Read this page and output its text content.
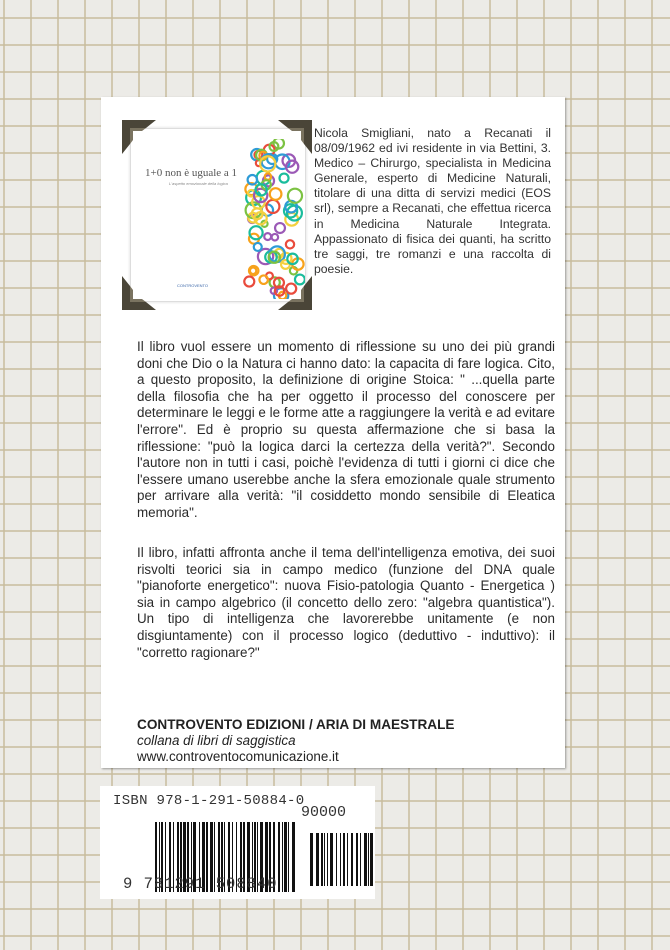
1+0 non è uguale a 1
L'aspetto emozionale della logica
CONTROVENTO
Nicola Smigliani, nato a Recanati il 08/09/1962 ed ivi residente in via Bettini, 3. Medico – Chirurgo, specialista in Medicina Generale, esperto di Medicine Naturali, titolare di una ditta di servizi medici (EOS srl), sempre a Recanati, che effettua ricerca in Medicina Naturale Integrata. Appassionato di fisica dei quanti, ha scritto tre saggi, tre romanzi e una raccolta di poesie.
Il libro vuol essere un momento di riflessione su uno dei più grandi doni che Dio o la Natura ci hanno dato: la capacita di fare logica. Cito, a questo proposito, la definizione di origine Stoica: " ...quella parte della filosofia che ha per oggetto il processo del conoscere per determinare le leggi e le forme atte a raggiungere la verità e ad evitare l'errore". Ed è proprio su questa affermazione che si basa la riflessione: "può la logica darci la certezza della verità?". Secondo l'autore non in tutti i casi, poichè l'evidenza di tutti i giorni ci dice che l'essere umano userebbe anche la sfera emozionale quale strumento per arrivare alla verità: "il cosiddetto mondo sensibile di Eleatica memoria".
Il libro, infatti affronta anche il tema dell'intelligenza emotiva, dei suoi risvolti teorici sia in campo medico (funzione del DNA quale "pianoforte energetico": nuova Fisio-patologia Quanto - Energetica ) sia in campo algebrico (il concetto dello zero: "algebra quantistica"). Un tipo di intelligenza che lavorerebbe unitamente (e non disgiuntamente) con il processo logico (deduttivo - induttivo): il "corretto ragionare?"
CONTROVENTO EDIZIONI / ARIA DI MAESTRALE
collana di libri di saggistica
www.controventocomunicazione.it
ISBN 978-1-291-50884-0
90000
9 781291 508840
